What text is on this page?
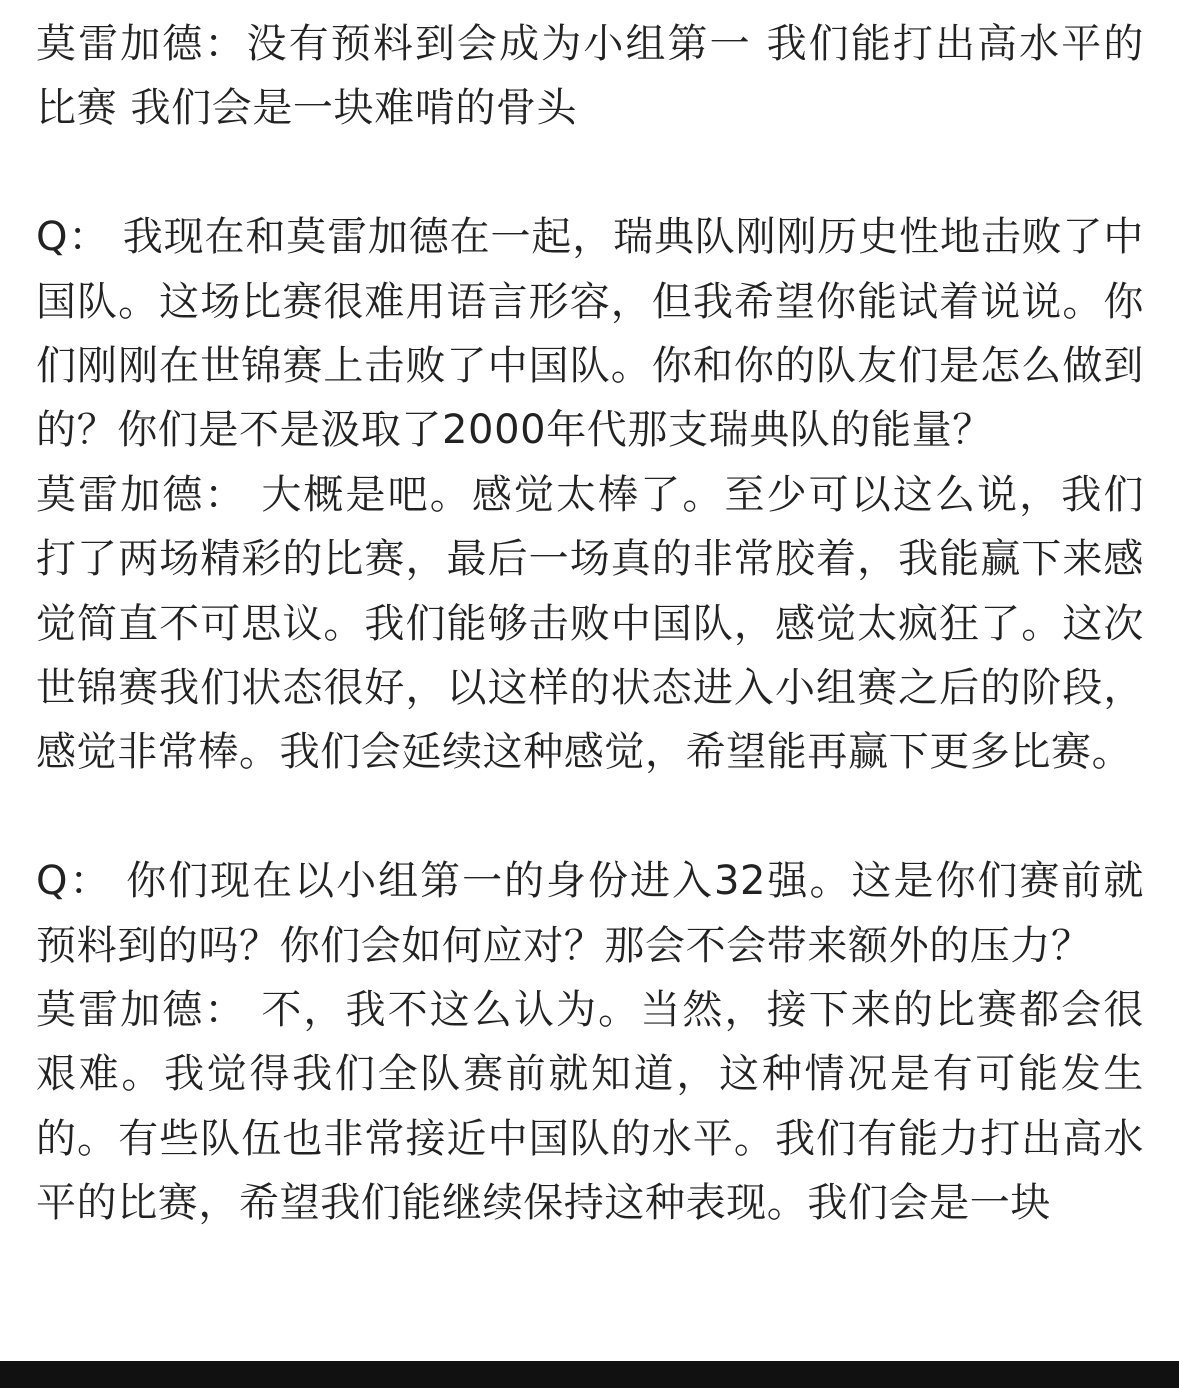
莫雷加德：没有预料到会成为小组第一 我们能打出高水平的比赛 我们会是一块难啃的骨头

Q： 我现在和莫雷加德在一起，瑞典队刚刚历史性地击败了中国队。这场比赛很难用语言形容，但我希望你能试着说说。你们刚刚在世锦赛上击败了中国队。你和你的队友们是怎么做到的？你们是不是汲取了2000年代那支瑞典队的能量？

莫雷加德： 大概是吧。感觉太棒了。至少可以这么说，我们打了两场精彩的比赛，最后一场真的非常胶着，我能赢下来感觉简直不可思议。我们能够击败中国队，感觉太疯狂了。这次世锦赛我们状态很好，以这样的状态进入小组赛之后的阶段，感觉非常棒。我们会延续这种感觉，希望能再赢下更多比赛。

Q： 你们现在以小组第一的身份进入32强。这是你们赛前就预料到的吗？你们会如何应对？那会不会带来额外的压力？

莫雷加德： 不，我不这么认为。当然，接下来的比赛都会很艰难。我觉得我们全队赛前就知道，这种情况是有可能发生的。有些队伍也非常接近中国队的水平。我们有能力打出高水平的比赛，希望我们能继续保持这种表现。我们会是一块
